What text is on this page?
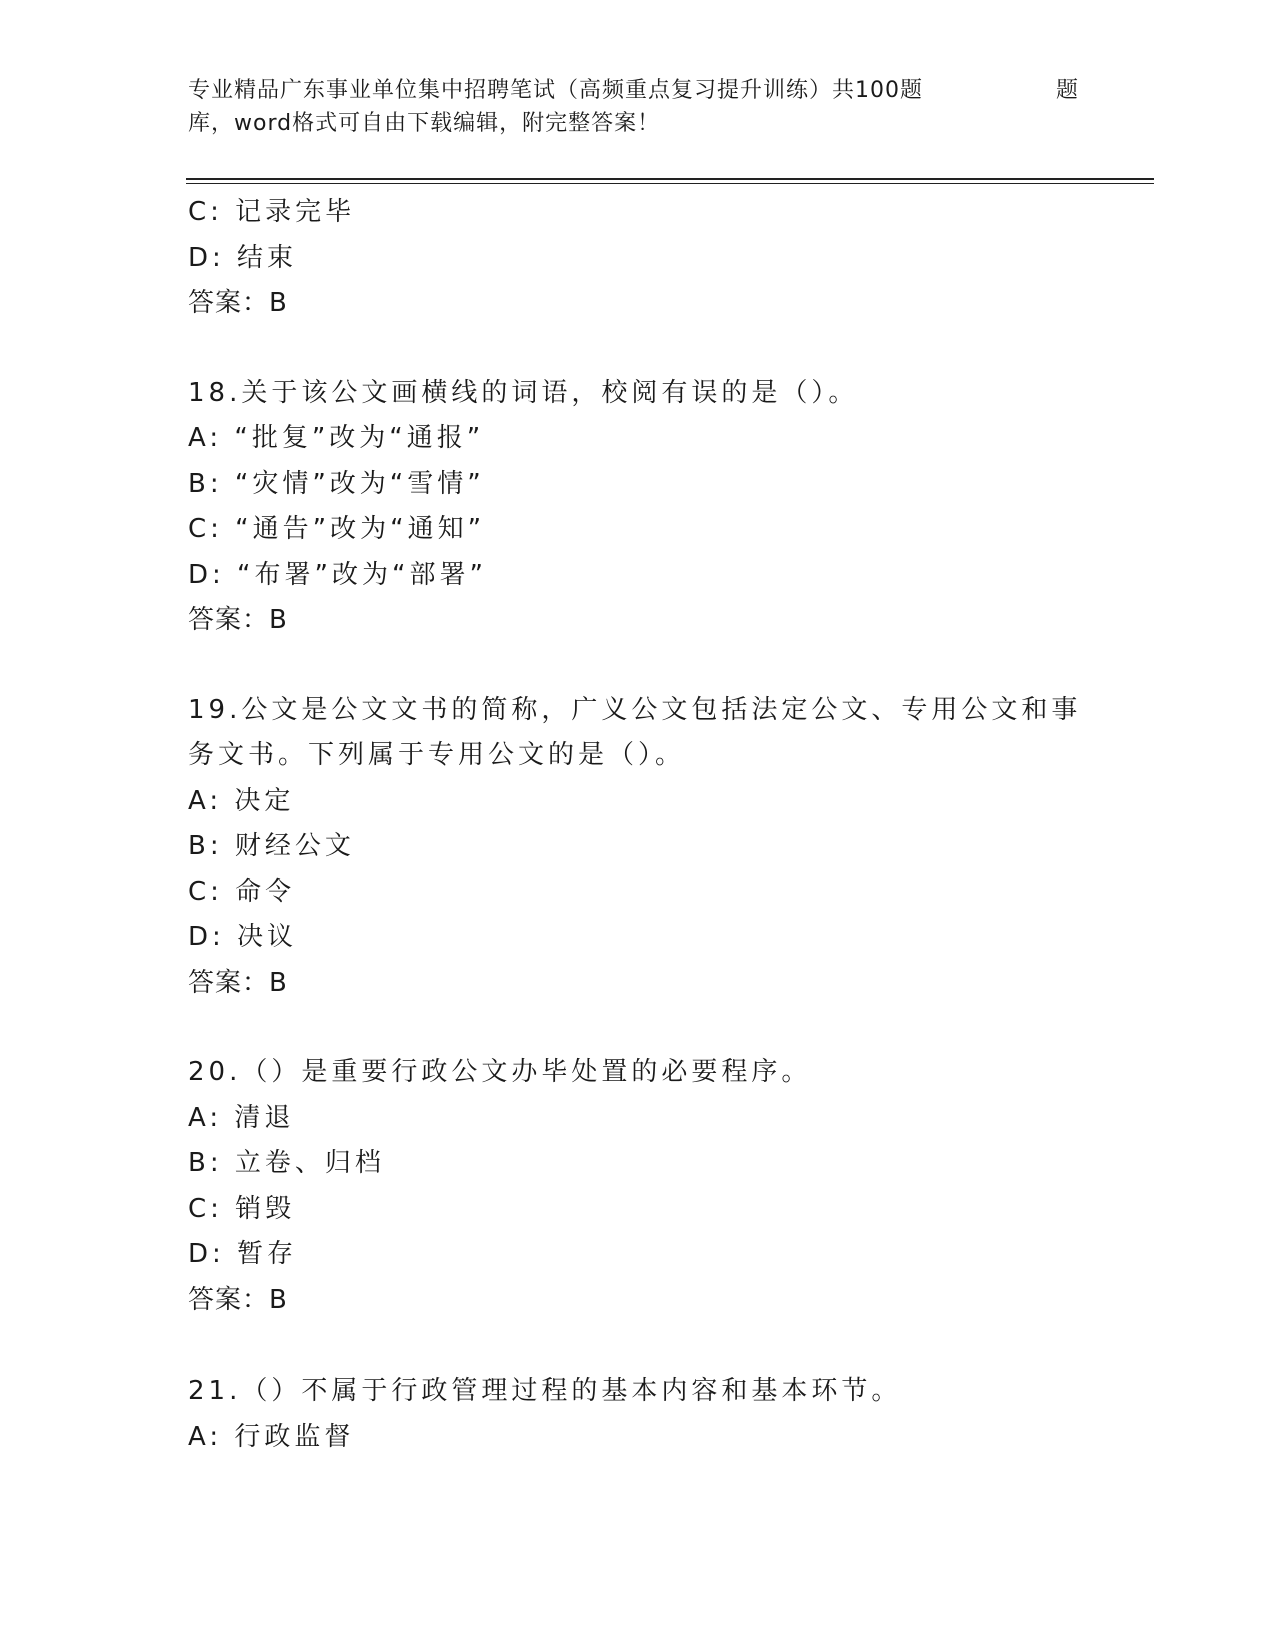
专业精品广东事业单位集中招聘笔试（高频重点复习提升训练）共100题	题
库，word格式可自由下载编辑，附完整答案！
C: 记录完毕
D: 结束
答案：B
18.关于该公文画横线的词语，校阅有误的是（）。
A: “批复”改为“通报”
B: “灾情”改为“雪情”
C: “通告”改为“通知”
D: “布署”改为“部署”
答案：B
19.公文是公文文书的简称，广义公文包括法定公文、专用公文和事务文书。下列属于专用公文的是（）。
A: 决定
B: 财经公文
C: 命令
D: 决议
答案：B
20.（）是重要行政公文办毕处置的必要程序。
A: 清退
B: 立卷、归档
C: 销毁
D: 暂存
答案：B
21.（）不属于行政管理过程的基本内容和基本环节。
A: 行政监督
